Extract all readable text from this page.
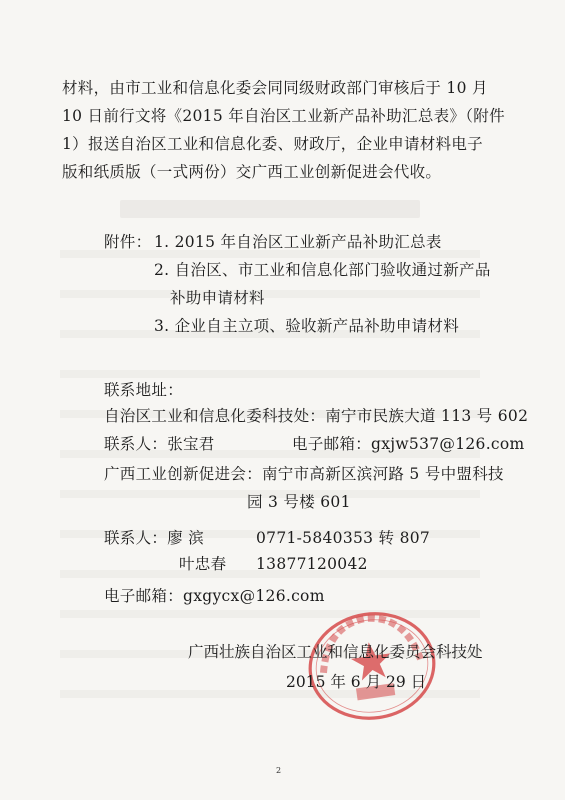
材料，由市工业和信息化委会同同级财政部门审核后于 10 月
10 日前行文将《2015 年自治区工业新产品补助汇总表》（附件
1）报送自治区工业和信息化委、财政厅，企业申请材料电子
版和纸质版（一式两份）交广西工业创新促进会代收。
附件： 1. 2015 年自治区工业新产品补助汇总表
2. 自治区、市工业和信息化部门验收通过新产品
补助申请材料
3. 企业自主立项、验收新产品补助申请材料
联系地址：
自治区工业和信息化委科技处：南宁市民族大道 113 号 602
联系人：张宝君	电子邮箱：gxjw537@126.com
广西工业创新促进会：南宁市高新区滨河路 5 号中盟科技
园 3 号楼 601
联系人：廖 滨	0771-5840353 转 807
叶忠春 13877120042
电子邮箱：gxgycx@126.com
广西壮族自治区工业和信息化委员会科技处
2015 年 6 月 29 日
2
